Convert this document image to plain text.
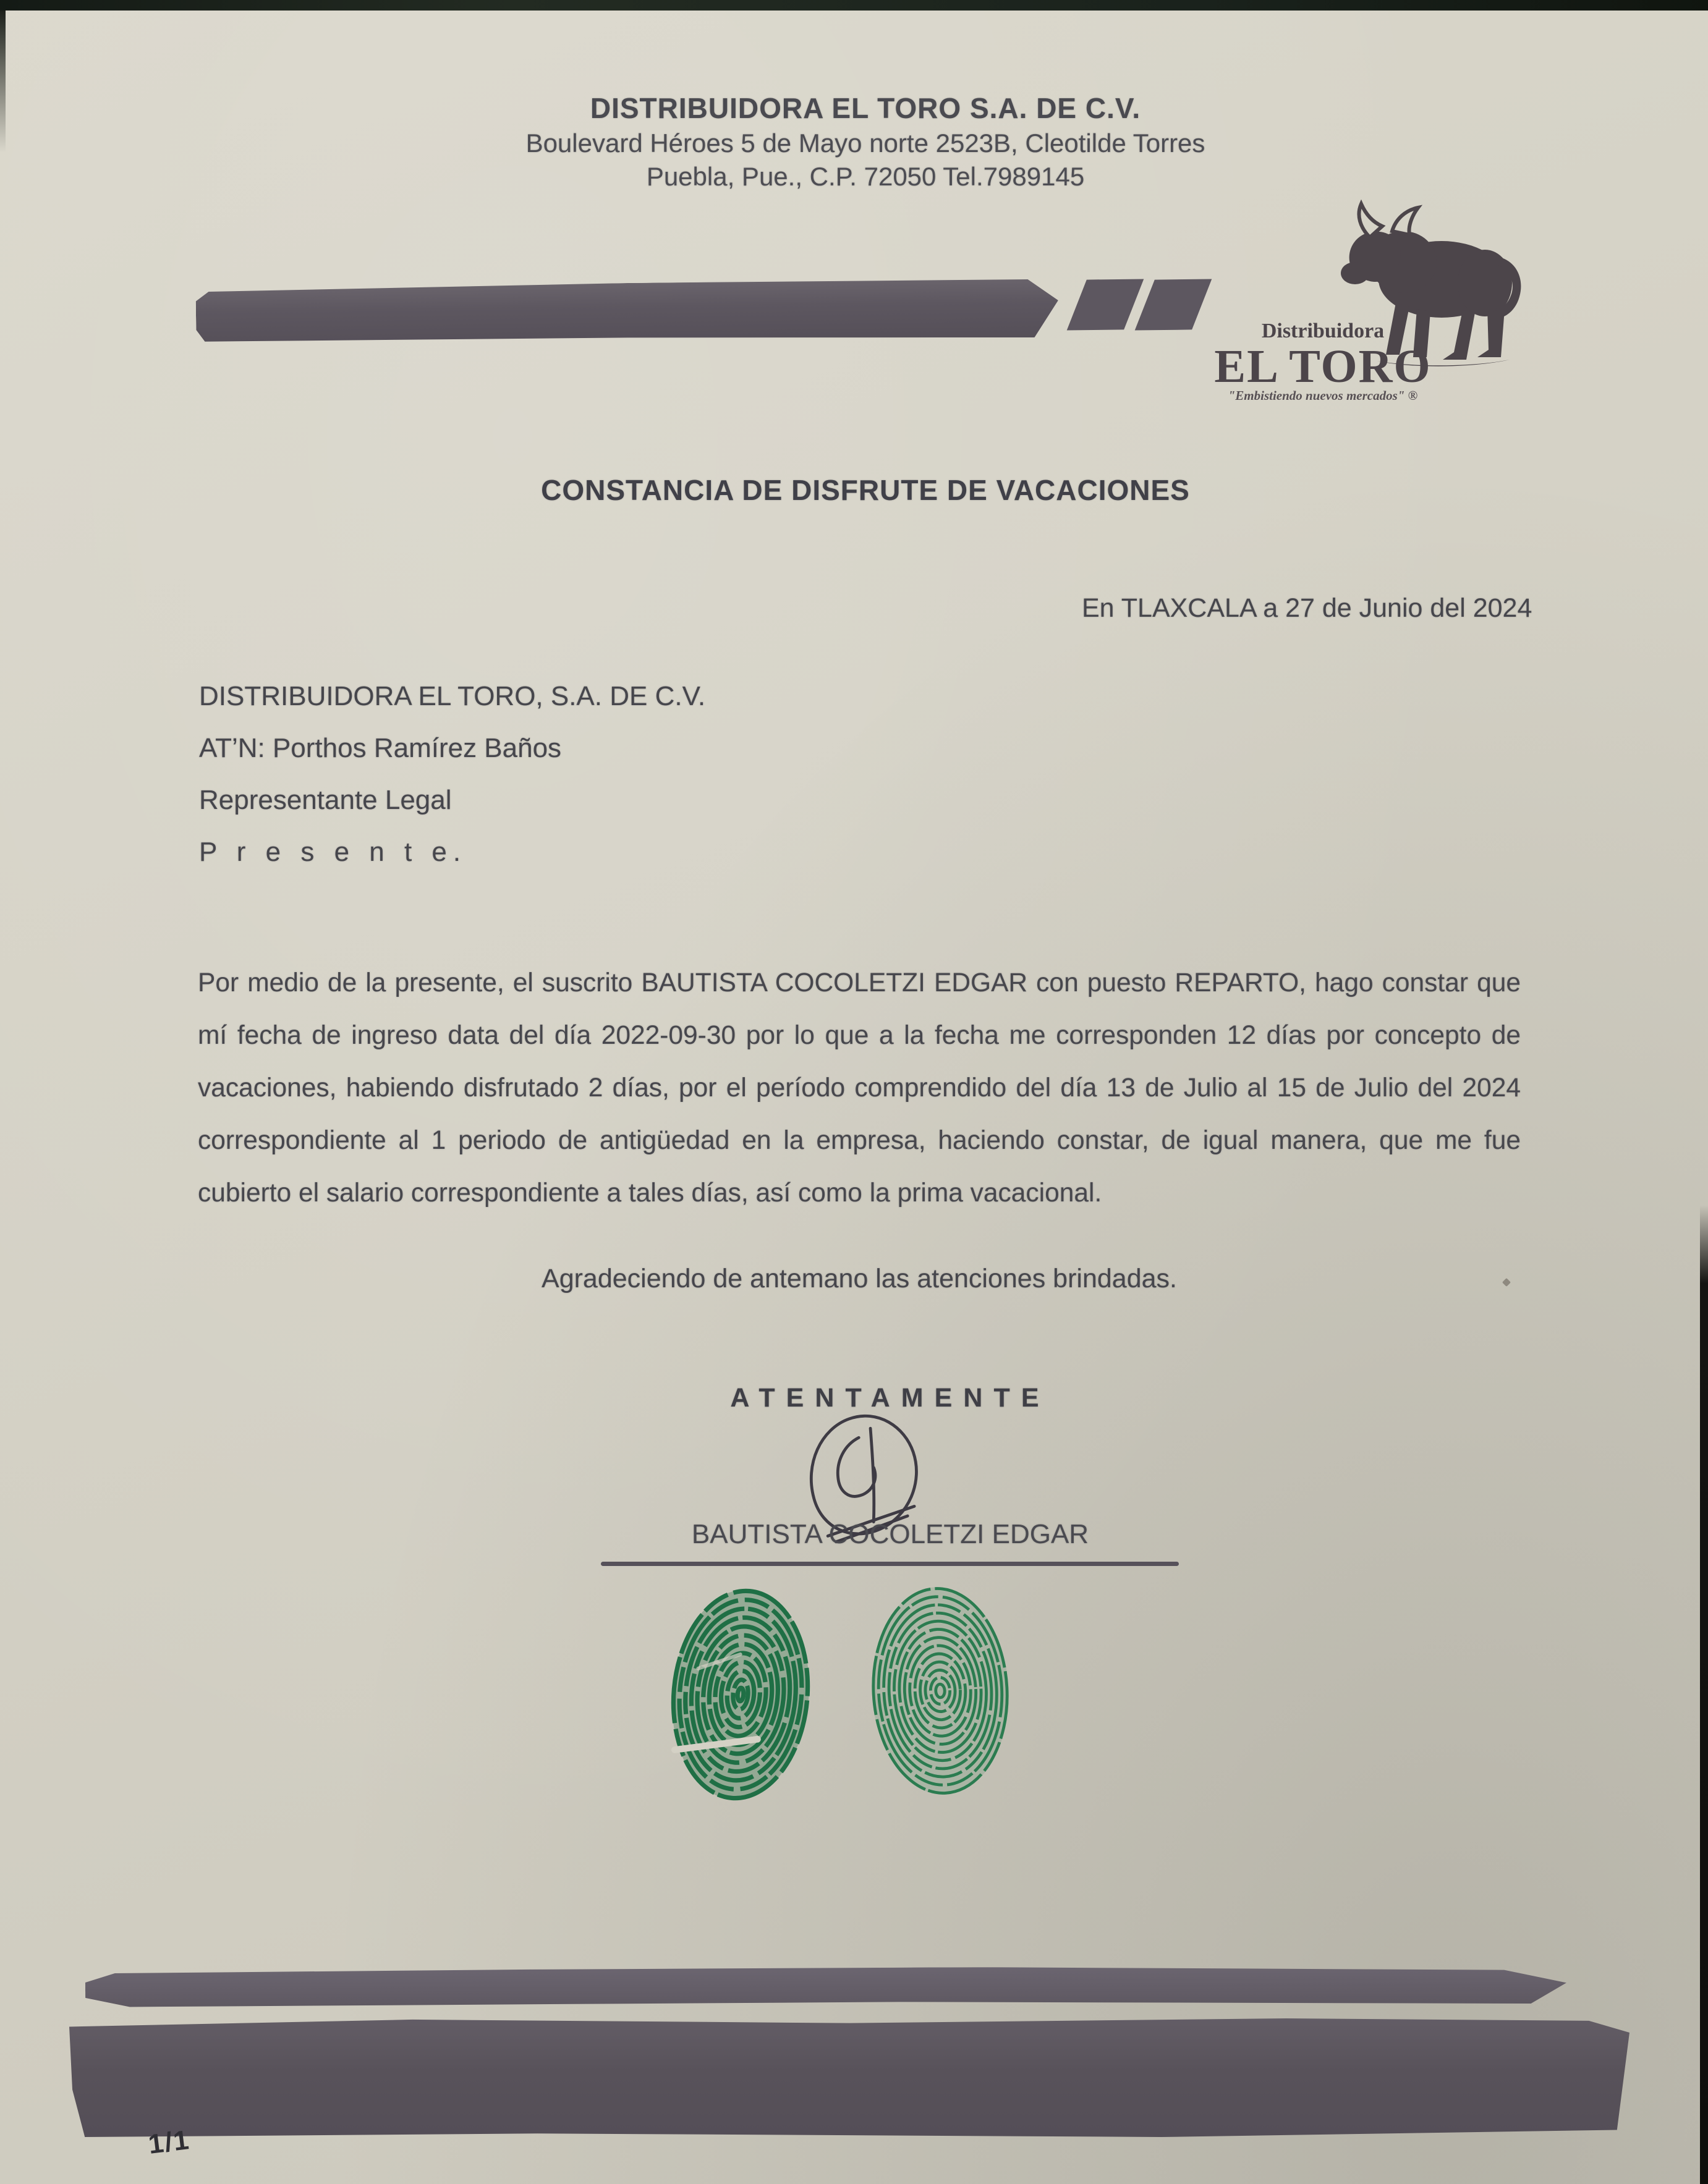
DISTRIBUIDORA EL TORO S.A. DE C.V.
Boulevard Héroes 5 de Mayo norte 2523B, Cleotilde Torres
Puebla, Pue., C.P. 72050 Tel.7989145
Distribuidora
EL TORO
"Embistiendo nuevos mercados" ®
CONSTANCIA DE DISFRUTE DE VACACIONES
En TLAXCALA a 27 de Junio del 2024
DISTRIBUIDORA EL TORO, S.A. DE C.V.
AT’N: Porthos Ramírez Baños
Representante Legal
P r e s e n t e.

Por medio de la presente, el suscrito BAUTISTA COCOLETZI EDGAR con puesto REPARTO, hago constar que mí fecha de ingreso data del día 2022-09-30 por lo que a la fecha me corresponden 12 días por concepto de vacaciones, habiendo disfrutado 2 días, por el período comprendido del día 13 de Julio al 15 de Julio del 2024 correspondiente al 1 periodo de antigüedad en la empresa, haciendo constar, de igual manera, que me fue cubierto el salario correspondiente a tales días, así como la prima vacacional.

Agradeciendo de antemano las atenciones brindadas.
ATENTAMENTE
BAUTISTA COCOLETZI EDGAR
1/1
